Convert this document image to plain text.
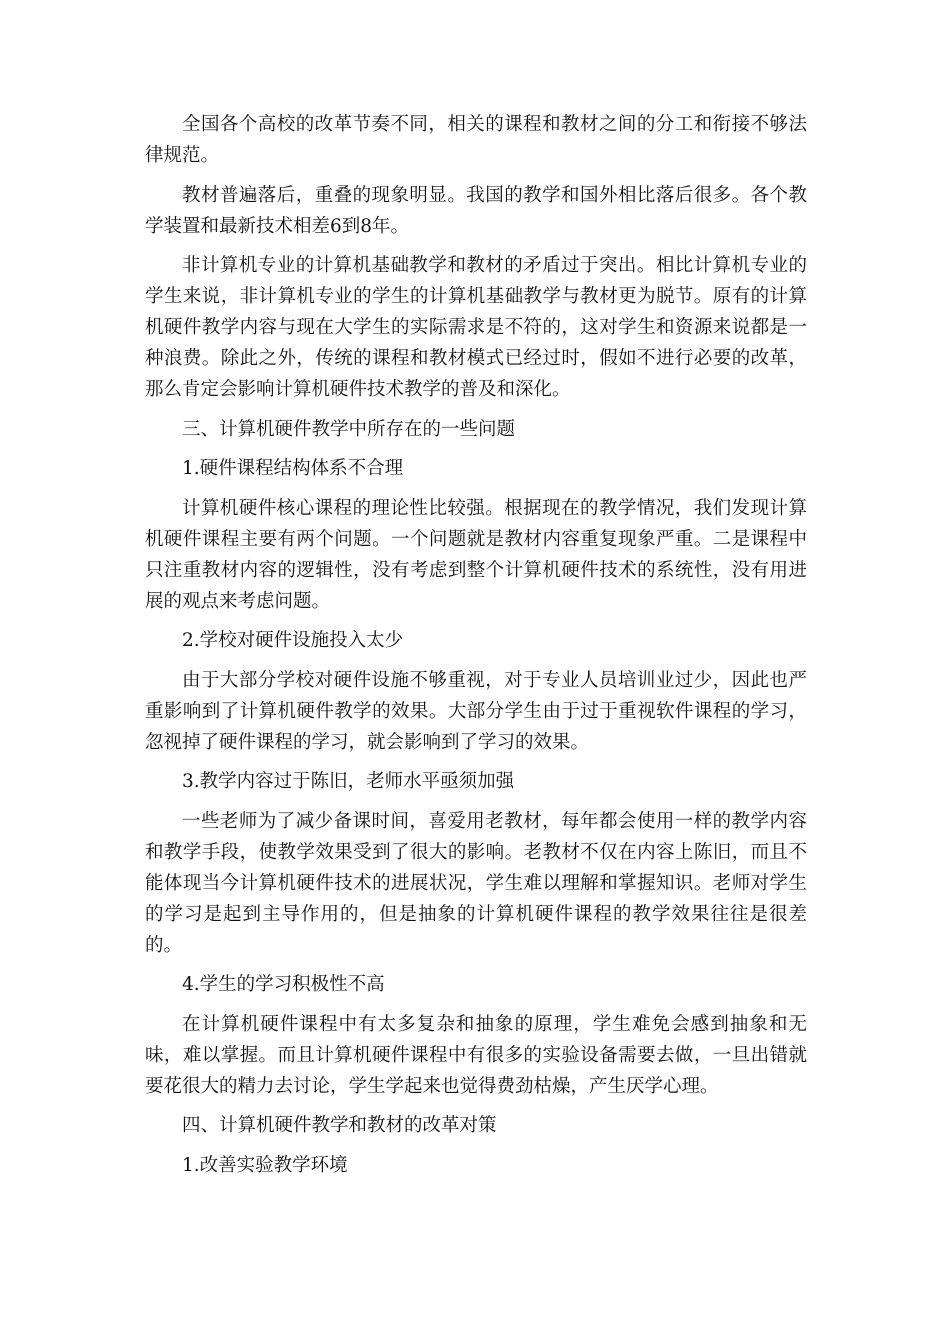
全国各个高校的改革节奏不同，相关的课程和教材之间的分工和衔接不够法律规范。

教材普遍落后，重叠的现象明显。我国的教学和国外相比落后很多。各个教学装置和最新技术相差6到8年。

非计算机专业的计算机基础教学和教材的矛盾过于突出。相比计算机专业的学生来说，非计算机专业的学生的计算机基础教学与教材更为脱节。原有的计算机硬件教学内容与现在大学生的实际需求是不符的，这对学生和资源来说都是一种浪费。除此之外，传统的课程和教材模式已经过时，假如不进行必要的改革，那么肯定会影响计算机硬件技术教学的普及和深化。

三、计算机硬件教学中所存在的一些问题

1.硬件课程结构体系不合理

计算机硬件核心课程的理论性比较强。根据现在的教学情况，我们发现计算机硬件课程主要有两个问题。一个问题就是教材内容重复现象严重。二是课程中只注重教材内容的逻辑性，没有考虑到整个计算机硬件技术的系统性，没有用进展的观点来考虑问题。

2.学校对硬件设施投入太少

由于大部分学校对硬件设施不够重视，对于专业人员培训业过少，因此也严重影响到了计算机硬件教学的效果。大部分学生由于过于重视软件课程的学习，忽视掉了硬件课程的学习，就会影响到了学习的效果。

3.教学内容过于陈旧，老师水平亟须加强

一些老师为了减少备课时间，喜爱用老教材，每年都会使用一样的教学内容和教学手段，使教学效果受到了很大的影响。老教材不仅在内容上陈旧，而且不能体现当今计算机硬件技术的进展状况，学生难以理解和掌握知识。老师对学生的学习是起到主导作用的，但是抽象的计算机硬件课程的教学效果往往是很差的。

4.学生的学习积极性不高

在计算机硬件课程中有太多复杂和抽象的原理，学生难免会感到抽象和无味，难以掌握。而且计算机硬件课程中有很多的实验设备需要去做，一旦出错就要花很大的精力去讨论，学生学起来也觉得费劲枯燥，产生厌学心理。

四、计算机硬件教学和教材的改革对策

1.改善实验教学环境
